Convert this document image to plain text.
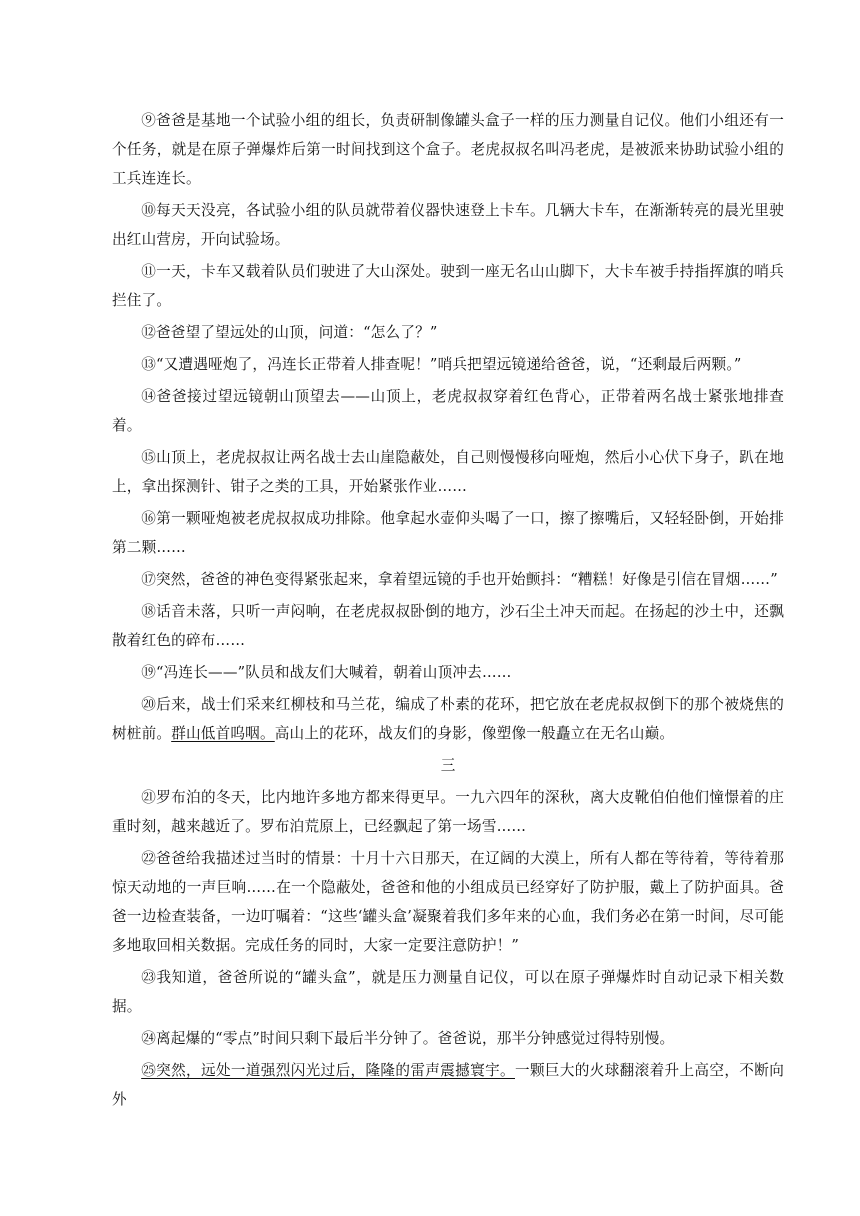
⑨爸爸是基地一个试验小组的组长，负责研制像罐头盒子一样的压力测量自记仪。他们小组还有一个任务，就是在原子弹爆炸后第一时间找到这个盒子。老虎叔叔名叫冯老虎，是被派来协助试验小组的工兵连连长。

⑩每天天没亮，各试验小组的队员就带着仪器快速登上卡车。几辆大卡车，在渐渐转亮的晨光里驶出红山营房，开向试验场。

⑪一天，卡车又载着队员们驶进了大山深处。驶到一座无名山山脚下，大卡车被手持指挥旗的哨兵拦住了。

⑫爸爸望了望远处的山顶，问道：“怎么了？”

⑬“又遭遇哑炮了，冯连长正带着人排查呢！”哨兵把望远镜递给爸爸，说，“还剩最后两颗。”

⑭爸爸接过望远镜朝山顶望去——山顶上，老虎叔叔穿着红色背心，正带着两名战士紧张地排查着。

⑮山顶上，老虎叔叔让两名战士去山崖隐蔽处，自己则慢慢移向哑炮，然后小心伏下身子，趴在地上，拿出探测针、钳子之类的工具，开始紧张作业……

⑯第一颗哑炮被老虎叔叔成功排除。他拿起水壶仰头喝了一口，擦了擦嘴后，又轻轻卧倒，开始排第二颗……

⑰突然，爸爸的神色变得紧张起来，拿着望远镜的手也开始颤抖：“糟糕！好像是引信在冒烟……”

⑱话音未落，只听一声闷响，在老虎叔叔卧倒的地方，沙石尘土冲天而起。在扬起的沙土中，还飘散着红色的碎布……

⑲“冯连长——”队员和战友们大喊着，朝着山顶冲去……

⑳后来，战士们采来红柳枝和马兰花，编成了朴素的花环，把它放在老虎叔叔倒下的那个被烧焦的树桩前。群山低首呜咽。高山上的花环，战友们的身影，像塑像一般矗立在无名山巅。

三

㉑罗布泊的冬天，比内地许多地方都来得更早。一九六四年的深秋，离大皮靴伯伯他们憧憬着的庄重时刻，越来越近了。罗布泊荒原上，已经飘起了第一场雪……

㉒爸爸给我描述过当时的情景：十月十六日那天，在辽阔的大漠上，所有人都在等待着，等待着那惊天动地的一声巨响……在一个隐蔽处，爸爸和他的小组成员已经穿好了防护服，戴上了防护面具。爸爸一边检查装备，一边叮嘱着：“这些‘罐头盒’凝聚着我们多年来的心血，我们务必在第一时间，尽可能多地取回相关数据。完成任务的同时，大家一定要注意防护！”

㉓我知道，爸爸所说的“罐头盒”，就是压力测量自记仪，可以在原子弹爆炸时自动记录下相关数据。

㉔离起爆的“零点”时间只剩下最后半分钟了。爸爸说，那半分钟感觉过得特别慢。

㉕突然，远处一道强烈闪光过后，隆隆的雷声震撼寰宇。一颗巨大的火球翻滚着升上高空，不断向外
